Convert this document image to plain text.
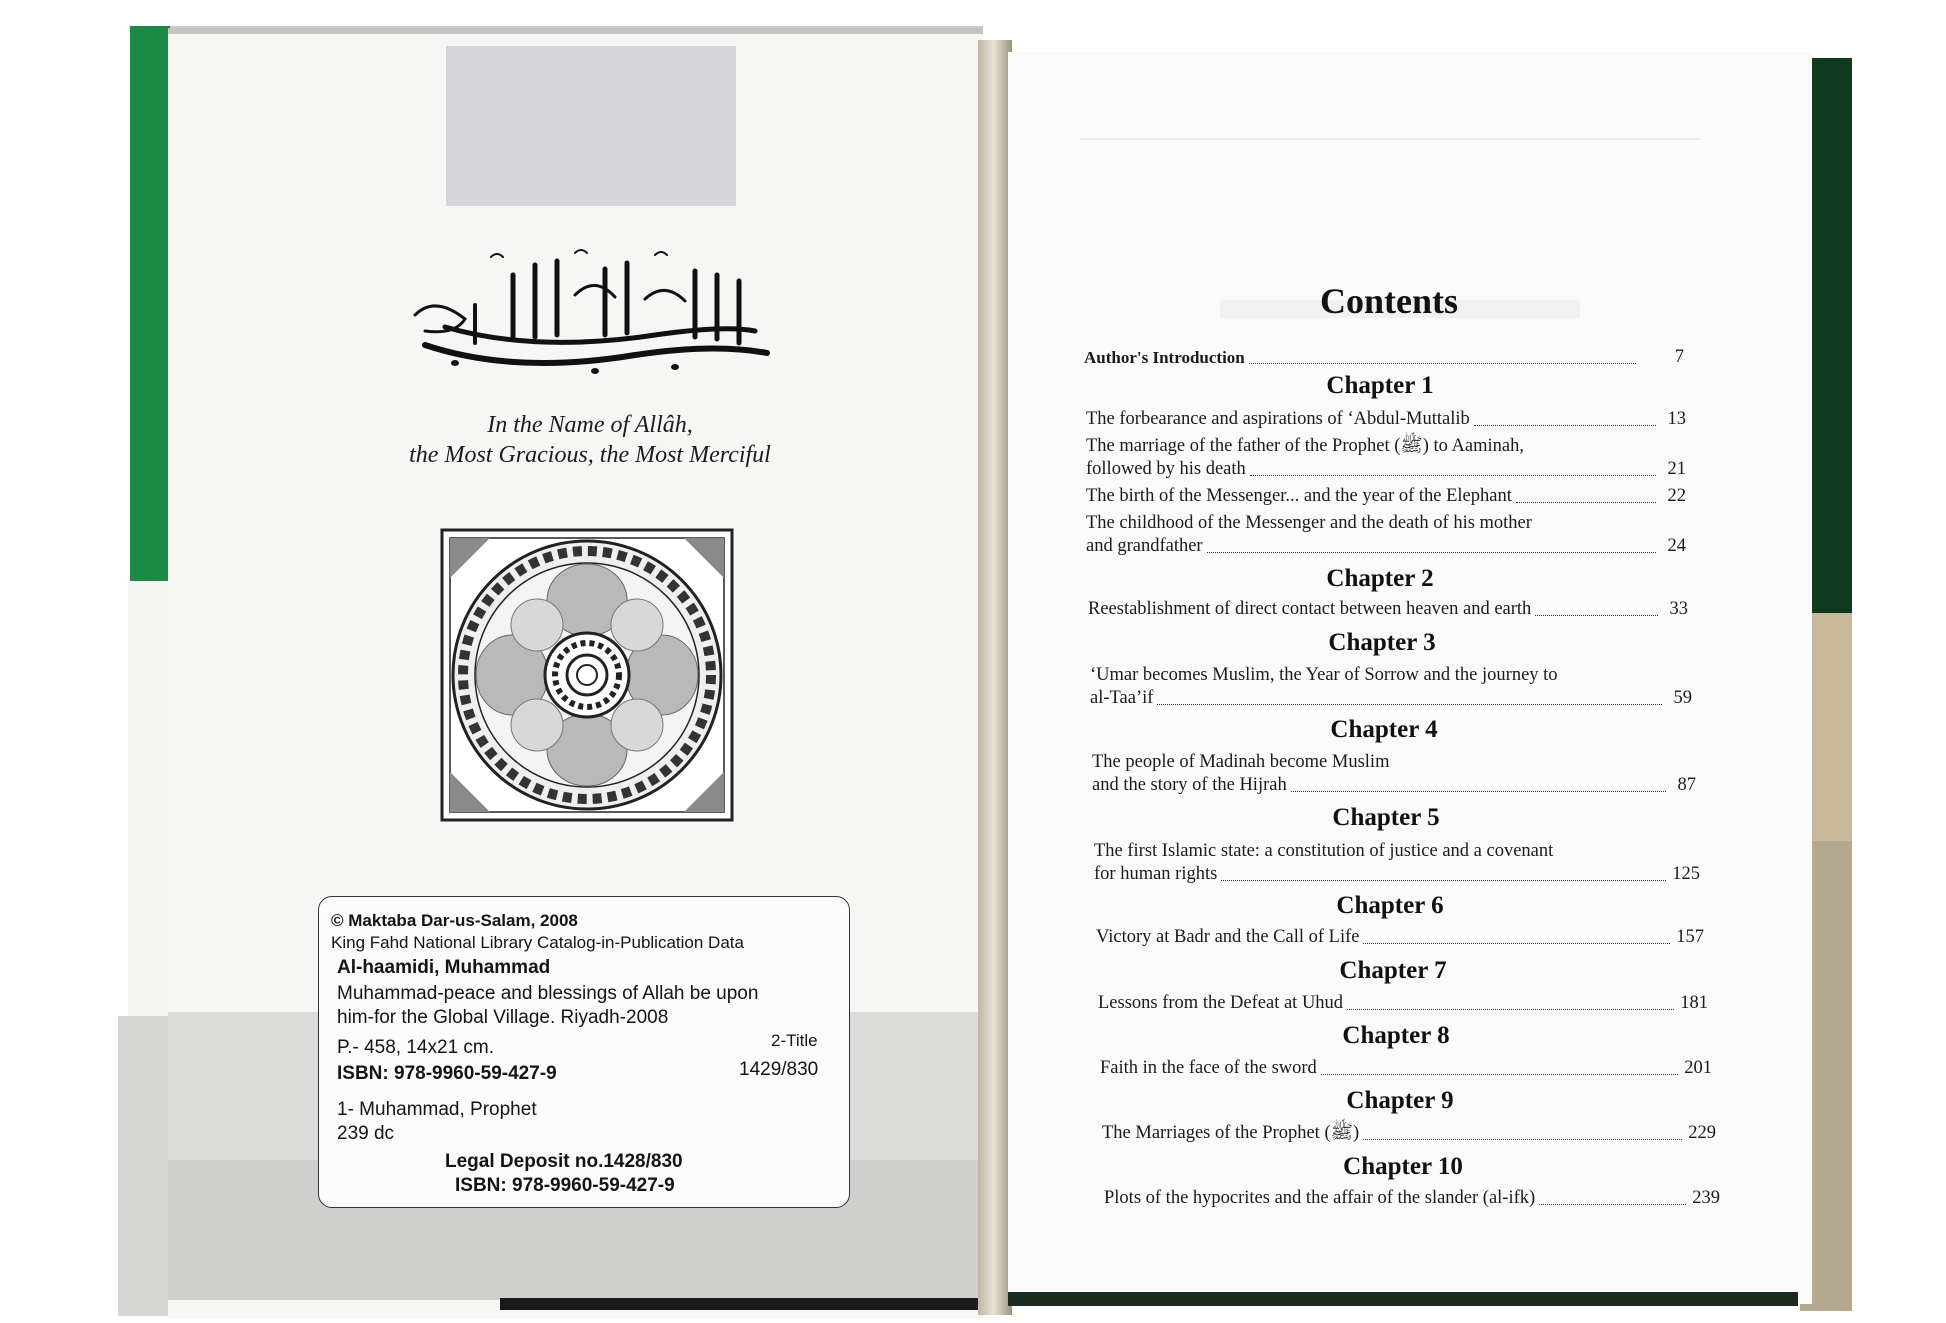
In the Name of Allâh,
the Most Gracious, the Most Merciful
© Maktaba Dar-us-Salam, 2008
King Fahd National Library Catalog-in-Publication Data
Al-haamidi, Muhammad
Muhammad-peace and blessings of Allah be upon
him-for the Global Village. Riyadh-2008
P.- 458, 14x21 cm.	2-Title
ISBN: 978-9960-59-427-9	1429/830
1- Muhammad, Prophet
239 dc
Legal Deposit no.1428/830
ISBN: 978-9960-59-427-9
Contents
Author's Introduction	7
Chapter 1
The forbearance and aspirations of ‘Abdul-Muttalib	13
The marriage of the father of the Prophet (ﷺ) to Aaminah,
followed by his death	21
The birth of the Messenger... and the year of the Elephant	22
The childhood of the Messenger and the death of his mother
and grandfather	24
Chapter 2
Reestablishment of direct contact between heaven and earth	33
Chapter 3
‘Umar becomes Muslim, the Year of Sorrow and the journey to
al-Taa’if	59
Chapter 4
The people of Madinah become Muslim
and the story of the Hijrah	87
Chapter 5
The first Islamic state: a constitution of justice and a covenant
for human rights	125
Chapter 6
Victory at Badr and the Call of Life	157
Chapter 7
Lessons from the Defeat at Uhud	181
Chapter 8
Faith in the face of the sword	201
Chapter 9
The Marriages of the Prophet (ﷺ)	229
Chapter 10
Plots of the hypocrites and the affair of the slander (al-ifk)	239
